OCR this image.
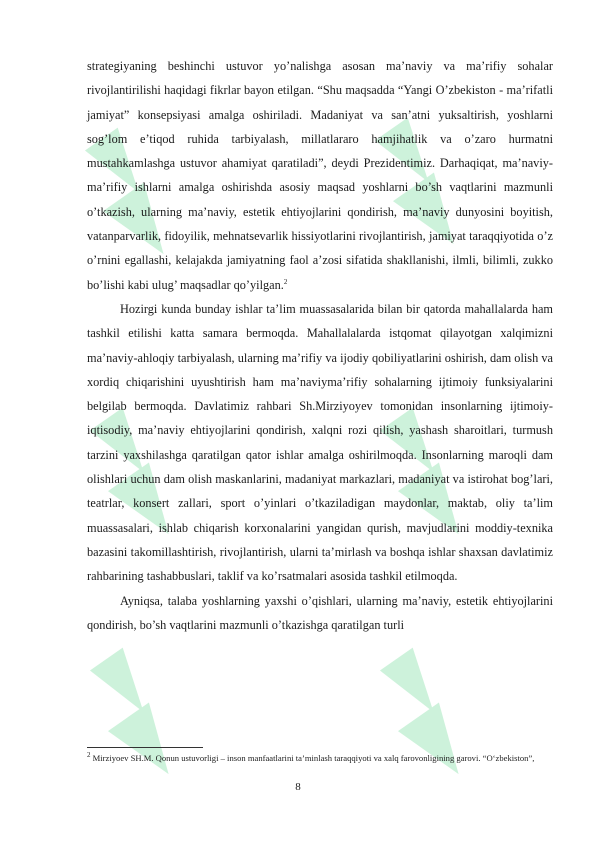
strategiyaning beshinchi ustuvor yo’nalishga asosan ma’naviy va ma’rifiy sohalar rivojlantirilishi haqidagi fikrlar bayon etilgan. “Shu maqsadda “Yangi O’zbekiston - ma’rifatli jamiyat” konsepsiyasi amalga oshiriladi. Madaniyat va san’atni yuksaltirish, yoshlarni sog’lom e’tiqod ruhida tarbiyalash, millatlararo hamjihatlik va o’zaro hurmatni mustahkamlashga ustuvor ahamiyat qaratiladi”, deydi Prezidentimiz. Darhaqiqat, ma’naviy-ma’rifiy ishlarni amalga oshirishda asosiy maqsad yoshlarni bo’sh vaqtlarini mazmunli o’tkazish, ularning ma’naviy, estetik ehtiyojlarini qondirish, ma’naviy dunyosini boyitish, vatanparvarlik, fidoyilik, mehnatsevarlik hissiyotlarini rivojlantirish, jamiyat taraqqiyotida o’z o’rnini egallashi, kelajakda jamiyatning faol a’zosi sifatida shakllanishi, ilmli, bilimli, zukko bo’lishi kabi ulug’ maqsadlar qo’yilgan.$^2$

Hozirgi kunda bunday ishlar ta’lim muassasalarida bilan bir qatorda mahallalarda ham tashkil etilishi katta samara bermoqda. Mahallalalarda istqomat qilayotgan xalqimizni ma’naviy-ahloqiy tarbiyalash, ularning ma’rifiy va ijodiy qobiliyatlarini oshirish, dam olish va xordiq chiqarishini uyushtirish ham ma’naviyma’rifiy sohalarning ijtimoiy funksiyalarini belgilab bermoqda. Davlatimiz rahbari Sh.Mirziyoyev tomonidan insonlarning ijtimoiy-iqtisodiy, ma’naviy ehtiyojlarini qondirish, xalqni rozi qilish, yashash sharoitlari, turmush tarzini yaxshilashga qaratilgan qator ishlar amalga oshirilmoqda. Insonlarning maroqli dam olishlari uchun dam olish maskanlarini, madaniyat markazlari, madaniyat va istirohat bog’lari, teatrlar, konsert zallari, sport o’yinlari o’tkaziladigan maydonlar, maktab, oliy ta’lim muassasalari, ishlab chiqarish korxonalarini yangidan qurish, mavjudlarini moddiy-texnika bazasini takomillashtirish, rivojlantirish, ularni ta’mirlash va boshqa ishlar shaxsan davlatimiz rahbarining tashabbuslari, taklif va ko’rsatmalari asosida tashkil etilmoqda.

Ayniqsa, talaba yoshlarning yaxshi o’qishlari, ularning ma’naviy, estetik ehtiyojlarini qondirish, bo’sh vaqtlarini mazmunli o’tkazishga qaratilgan turli

$^2$ Mirziyoev SH.M. Qonun ustuvorligi – inson manfaatlarini ta’minlash taraqqiyoti va xalq farovonligining garovi. “O‘zbekiston”,
8
